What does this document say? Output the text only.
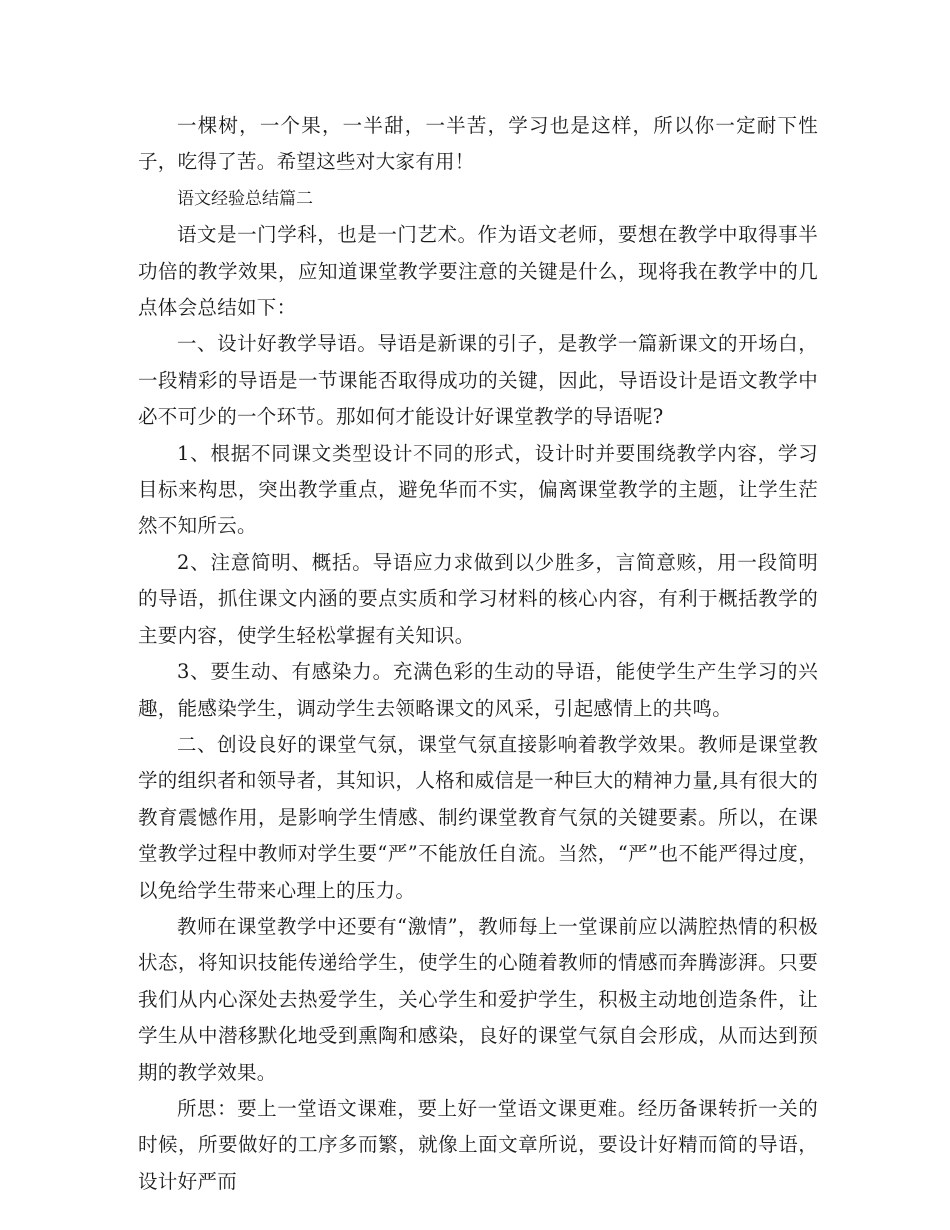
一棵树，一个果，一半甜，一半苦，学习也是这样，所以你一定耐下性子，吃得了苦。希望这些对大家有用！

语文经验总结篇二

语文是一门学科，也是一门艺术。作为语文老师，要想在教学中取得事半功倍的教学效果，应知道课堂教学要注意的关键是什么，现将我在教学中的几点体会总结如下：

一、设计好教学导语。导语是新课的引子，是教学一篇新课文的开场白，一段精彩的导语是一节课能否取得成功的关键，因此，导语设计是语文教学中必不可少的一个环节。那如何才能设计好课堂教学的导语呢?

1、根据不同课文类型设计不同的形式，设计时并要围绕教学内容，学习目标来构思，突出教学重点，避免华而不实，偏离课堂教学的主题，让学生茫然不知所云。

2、注意简明、概括。导语应力求做到以少胜多，言简意赅，用一段简明的导语，抓住课文内涵的要点实质和学习材料的核心内容，有利于概括教学的主要内容，使学生轻松掌握有关知识。

3、要生动、有感染力。充满色彩的生动的导语，能使学生产生学习的兴趣，能感染学生，调动学生去领略课文的风采，引起感情上的共鸣。

二、创设良好的课堂气氛，课堂气氛直接影响着教学效果。教师是课堂教学的组织者和领导者，其知识，人格和威信是一种巨大的精神力量,具有很大的教育震憾作用，是影响学生情感、制约课堂教育气氛的关键要素。所以，在课堂教学过程中教师对学生要“严”不能放任自流。当然，“严”也不能严得过度，以免给学生带来心理上的压力。

教师在课堂教学中还要有“激情”，教师每上一堂课前应以满腔热情的积极状态，将知识技能传递给学生，使学生的心随着教师的情感而奔腾澎湃。只要我们从内心深处去热爱学生，关心学生和爱护学生，积极主动地创造条件，让学生从中潜移默化地受到熏陶和感染，良好的课堂气氛自会形成，从而达到预期的教学效果。

所思：要上一堂语文课难，要上好一堂语文课更难。经历备课转折一关的时候，所要做好的工序多而繁，就像上面文章所说，要设计好精而简的导语，设计好严而
